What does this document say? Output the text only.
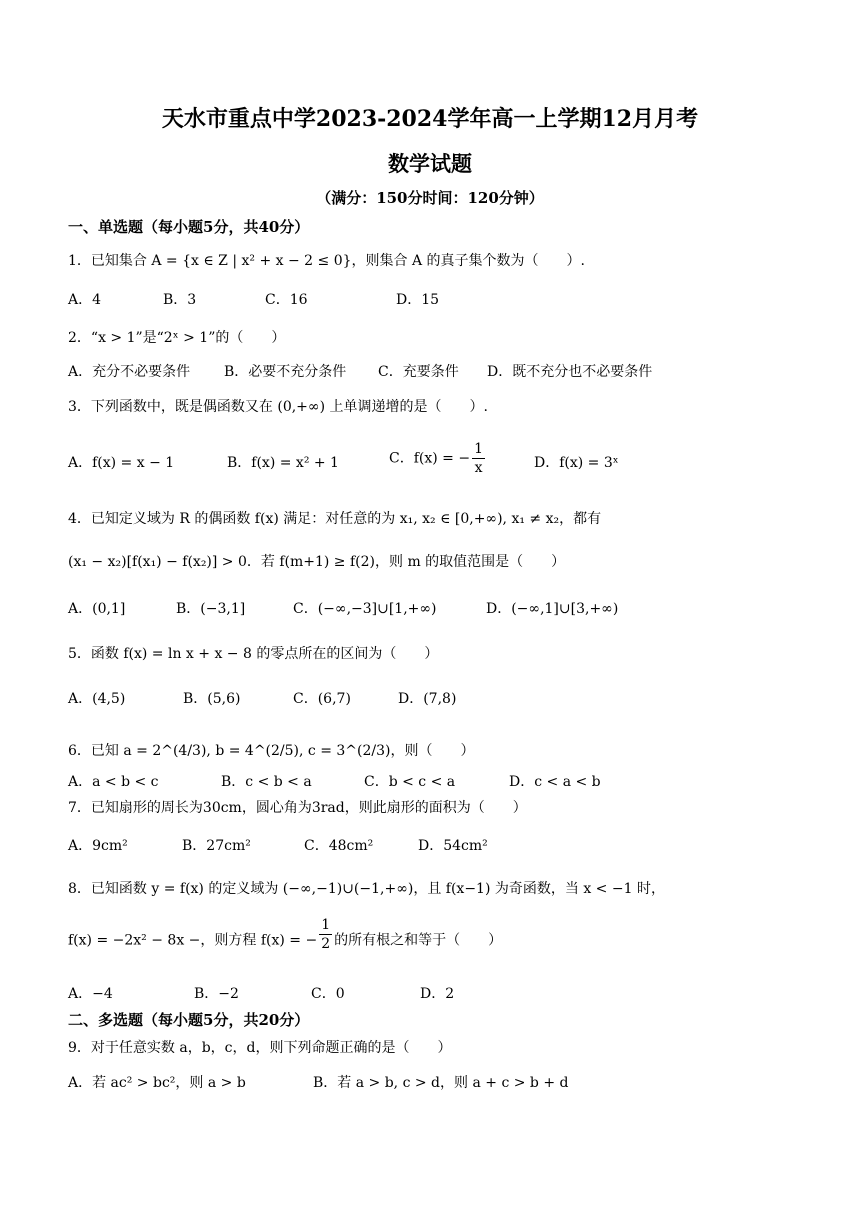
天水市重点中学2023-2024学年高一上学期12月月考
数学试题
（满分：150分时间：120分钟）
一、单选题（每小题5分，共40分）
1．已知集合 A = {x ∈ Z | x² + x − 2 ≤ 0}，则集合 A 的真子集个数为（　　）.
A．4	B．3	C．16	D．15
2．“x > 1”是“2ˣ > 1”的（　　）
A．充分不必要条件 B．必要不充分条件 C．充要条件 D．既不充分也不必要条件
3．下列函数中，既是偶函数又在 (0,+∞) 上单调递增的是（　　）.
A．f(x) = x − 1	B．f(x) = x² + 1	C．f(x) = − $\frac{1}{x}$	D．f(x) = 3ˣ
4．已知定义域为 R 的偶函数 f(x) 满足：对任意的为 x₁, x₂ ∈ [0,+∞), x₁ ≠ x₂，都有
(x₁ − x₂)[f(x₁) − f(x₂)] > 0．若 f(m+1) ≥ f(2)，则 m 的取值范围是（　　）
A．(0,1]	B．(−3,1]	C．(−∞,−3]∪[1,+∞)	D．(−∞,1]∪[3,+∞)
5．函数 f(x) = ln x + x − 8 的零点所在的区间为（　　）
A．(4,5)	B．(5,6)	C．(6,7)	D．(7,8)
6．已知 a = 2^(4/3), b = 4^(2/5), c = 3^(2/3)，则（　　）
A．a < b < c	B．c < b < a	C．b < c < a	D．c < a < b
7．已知扇形的周长为30cm，圆心角为3rad，则此扇形的面积为（　　）
A．9cm²	B．27cm²	C．48cm²	D．54cm²
8．已知函数 y = f(x) 的定义域为 (−∞,−1)∪(−1,+∞)，且 f(x−1) 为奇函数，当 x < −1 时，
f(x) = −2x² − 8x −，则方程 f(x) = − $\frac{1}{2}$ 的所有根之和等于（　　）
A．−4	B．−2	C．0	D．2
二、多选题（每小题5分，共20分）
9．对于任意实数 a，b，c，d，则下列命题正确的是（　　）
A．若 ac² > bc²，则 a > b	B．若 a > b, c > d，则 a + c > b + d
